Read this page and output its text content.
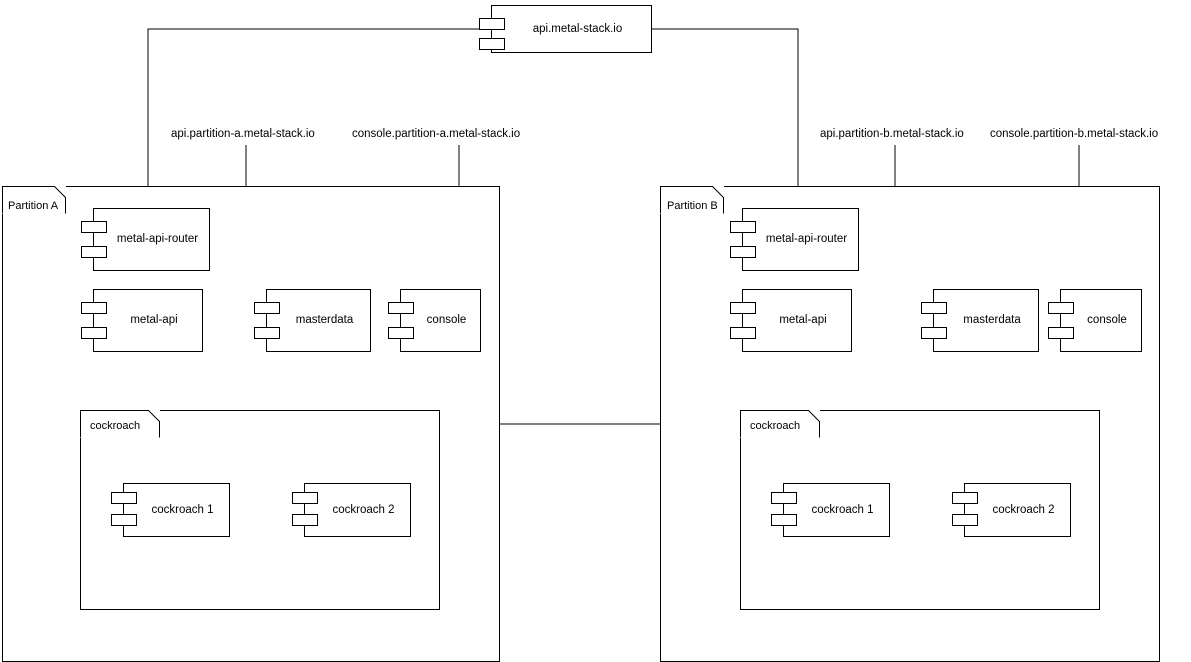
api.metal-stack.io
api.partition-a.metal-stack.io	console.partition-a.metal-stack.io	api.partition-b.metal-stack.io console.partition-b.metal-stack.io
Partition A
metal-api-router
metal-api	masterdata	console
cockroach
cockroach 1	cockroach 2
Partition B
metal-api-router
metal-api	masterdata	console
cockroach
cockroach 1	cockroach 2
